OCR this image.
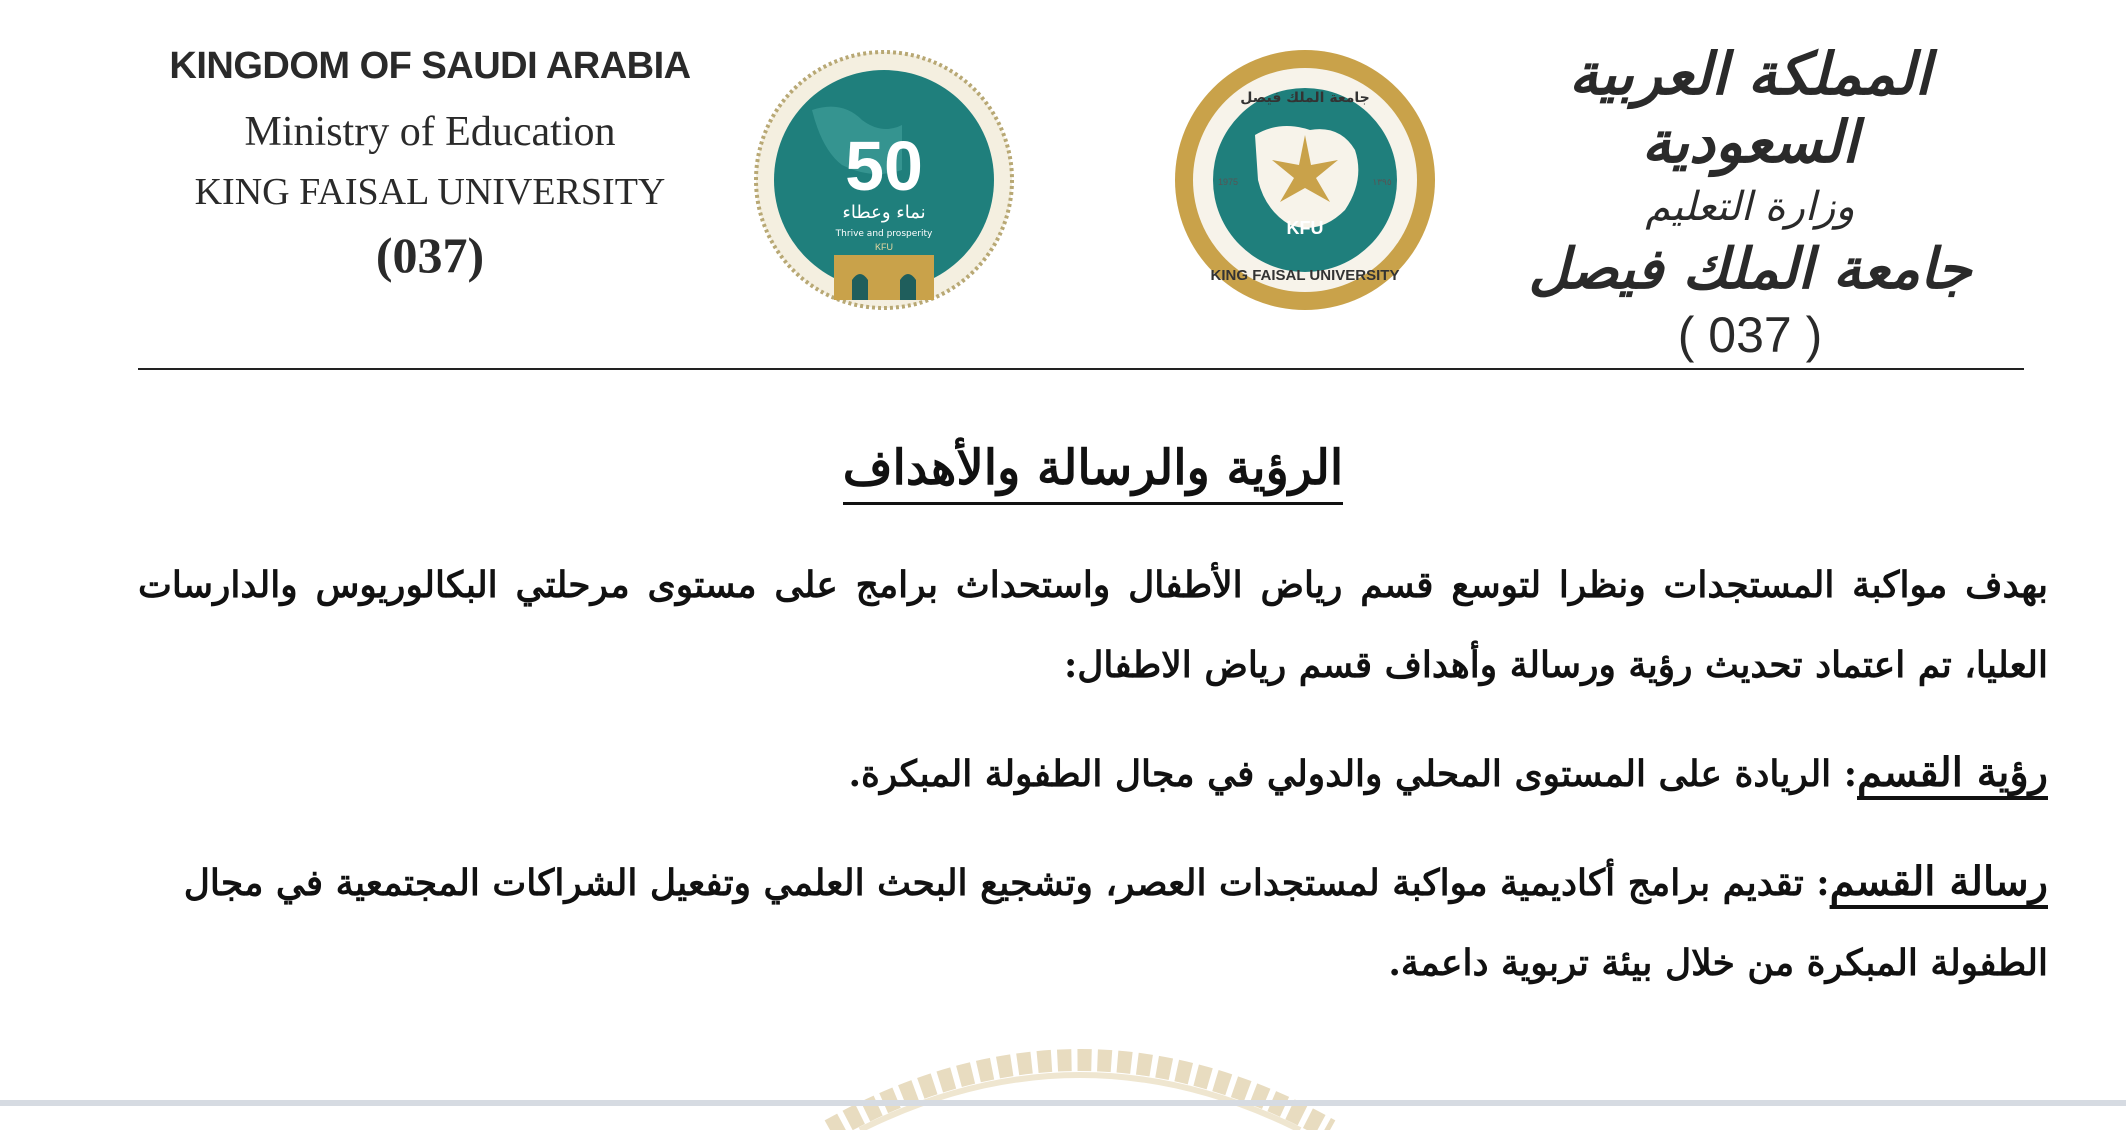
KINGDOM OF SAUDI ARABIA
Ministry of Education
KING FAISAL UNIVERSITY
(037)
50
نماء وعطاء
Thrive and prosperity
KFU
KFU
1975	١٣٩٥
جامعة الملك فيصل
KING FAISAL UNIVERSITY
المملكة العربية السعودية
وزارة التعليم
جامعة الملك فيصل
( 037 )
الرؤية والرسالة والأهداف

بهدف مواكبة المستجدات ونظرا لتوسع قسم رياض الأطفال واستحداث برامج على مستوى مرحلتي البكالوريوس والدارسات العليا، تم اعتماد تحديث رؤية ورسالة وأهداف قسم رياض الاطفال:

رؤية القسم: الريادة على المستوى المحلي والدولي في مجال الطفولة المبكرة.

رسالة القسم: تقديم برامج أكاديمية مواكبة لمستجدات العصر، وتشجيع البحث العلمي وتفعيل الشراكات المجتمعية في مجال الطفولة المبكرة من خلال بيئة تربوية داعمة.
